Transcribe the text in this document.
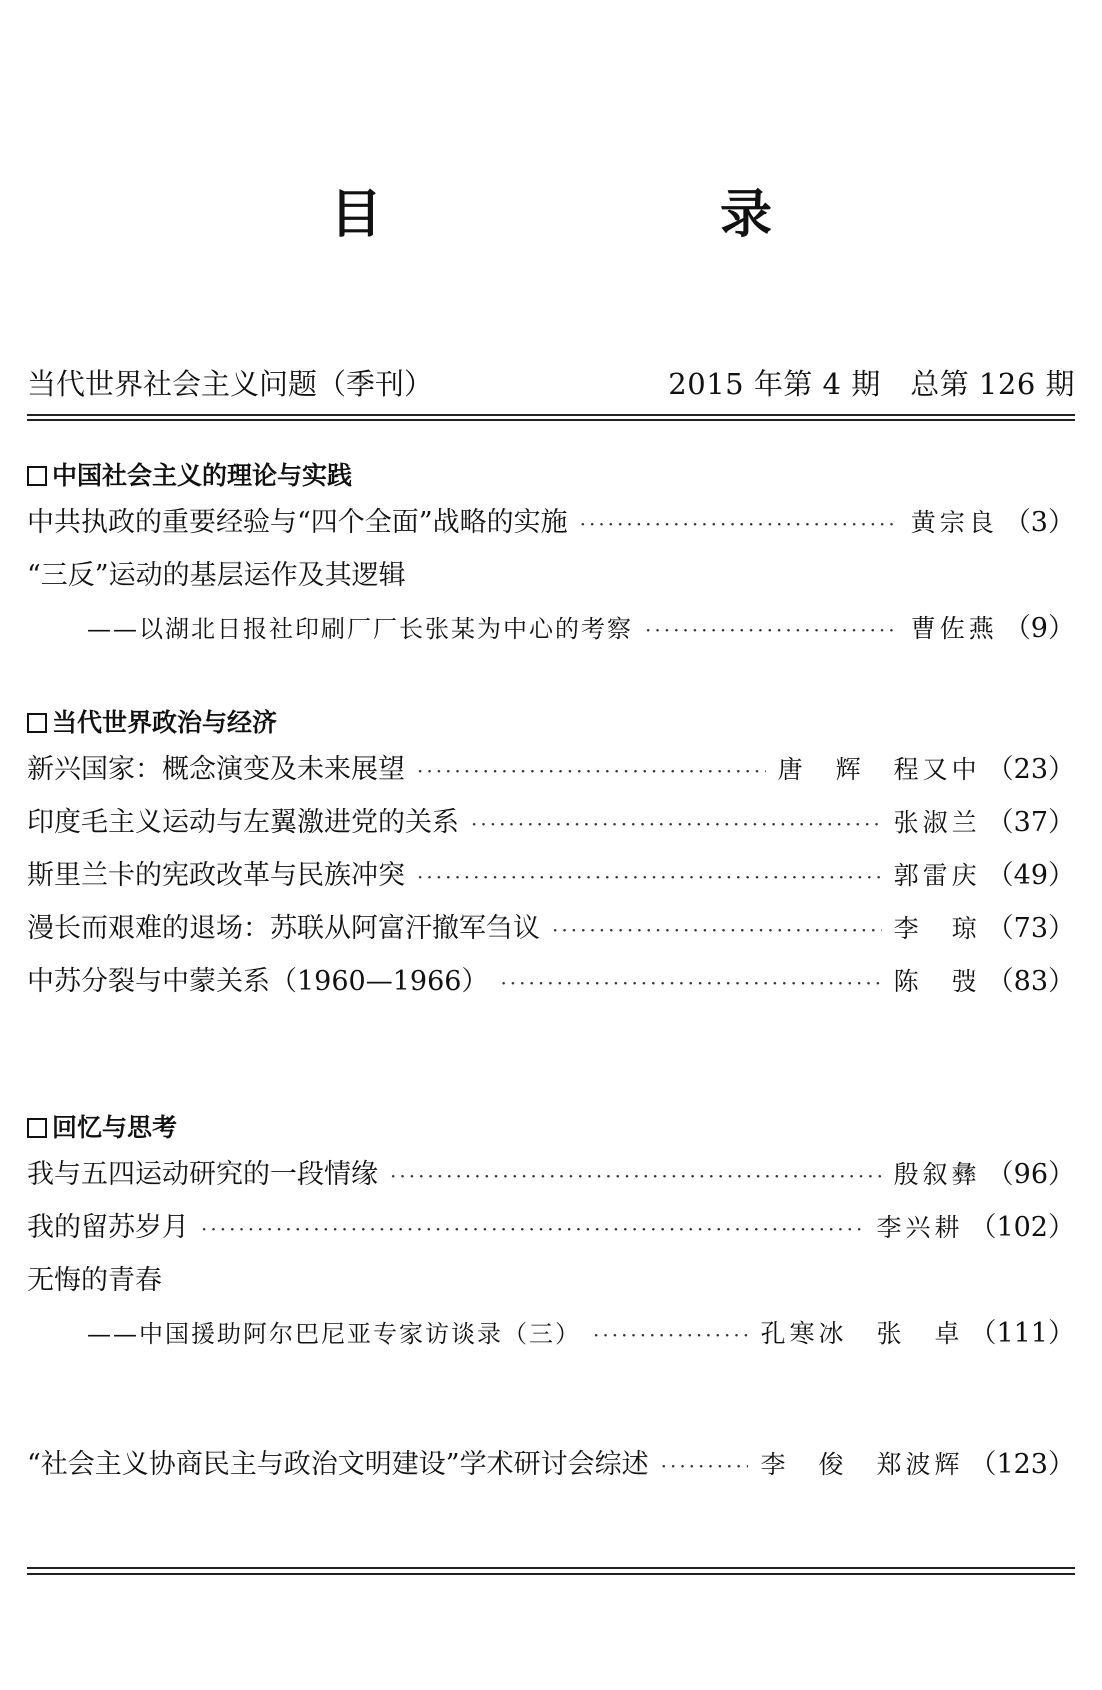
目 录
当代世界社会主义问题（季刊）	2015 年第 4 期　总第 126 期
中国社会主义的理论与实践
中共执政的重要经验与“四个全面”战略的实施 ·····	黄宗良 （3）
“三反”运动的基层运作及其逻辑
——以湖北日报社印刷厂厂长张某为中心的考察 ·····	曹佐燕 （9）
当代世界政治与经济
新兴国家：概念演变及未来展望 ·····	唐　辉　程又中 （23）
印度毛主义运动与左翼激进党的关系 ·····	张淑兰 （37）
斯里兰卡的宪政改革与民族冲突 ·····	郭雷庆 （49）
漫长而艰难的退场：苏联从阿富汗撤军刍议 ·····	李　琼 （73）
中苏分裂与中蒙关系（1960—1966） ·····	陈　弢 （83）
回忆与思考
我与五四运动研究的一段情缘 ·····	殷叙彝 （96）
我的留苏岁月 ·····	李兴耕 （102）
无悔的青春
——中国援助阿尔巴尼亚专家访谈录（三） ·····	孔寒冰　张　卓 （111）
“社会主义协商民主与政治文明建设”学术研讨会综述 ·····	李　俊　郑波辉 （123）
